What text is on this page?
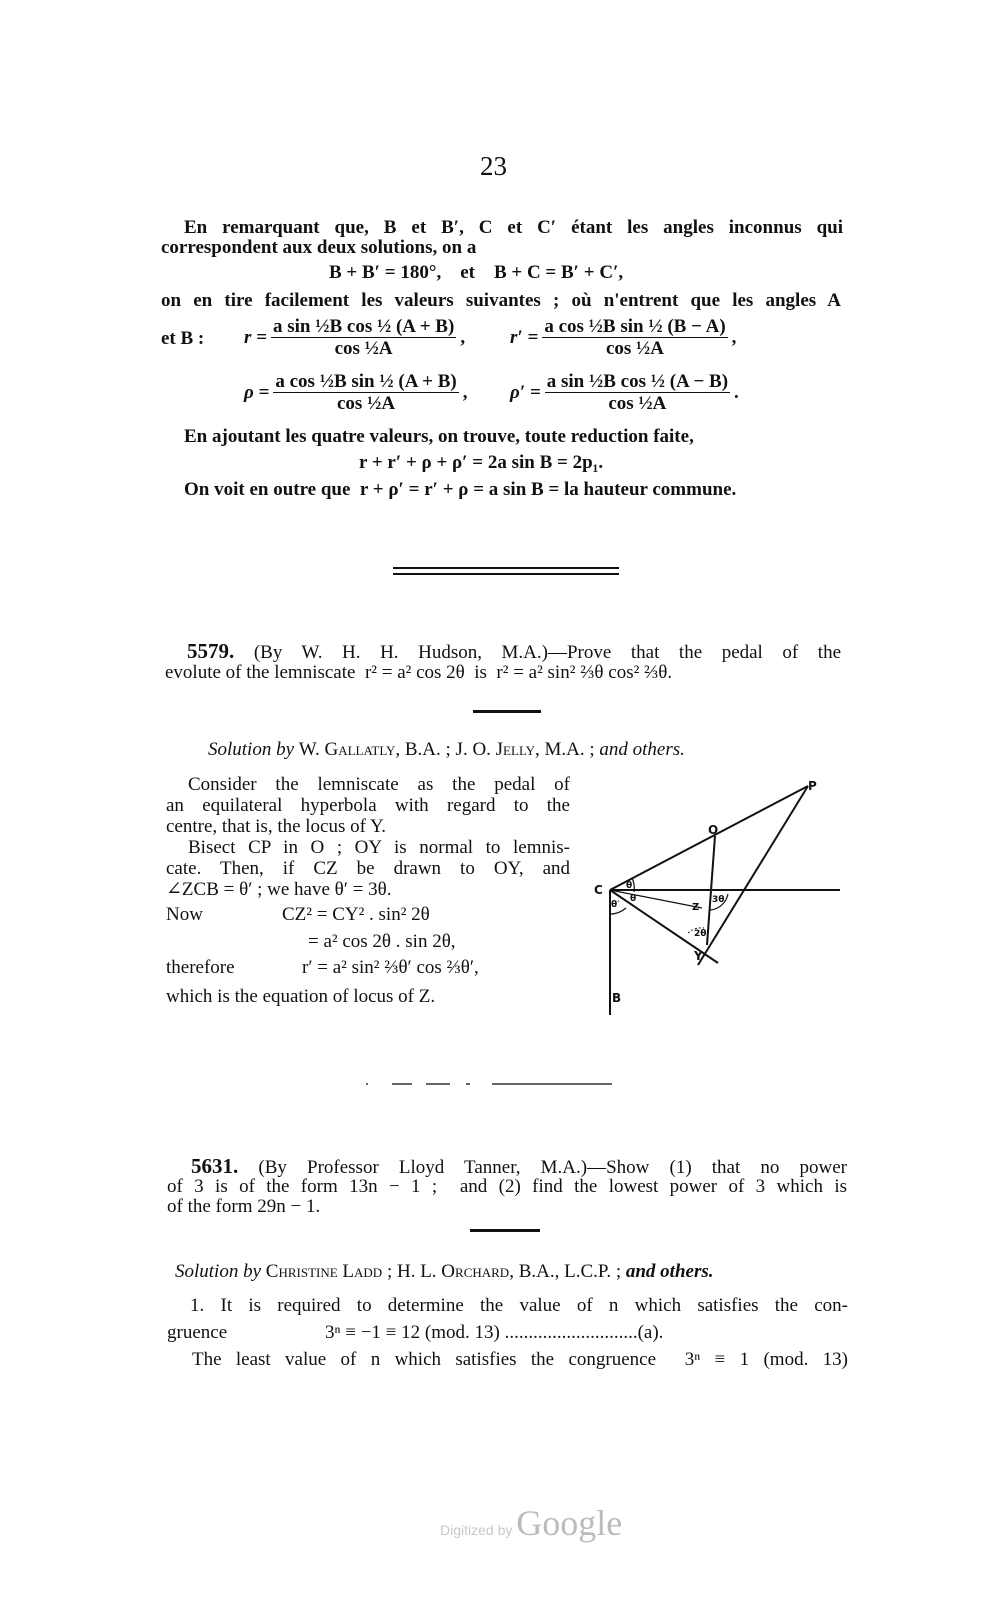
23
En remarquant que, B et B′, C et C′ étant les angles inconnus qui
correspondent aux deux solutions, on a
B + B′ = 180°,    et    B + C = B′ + C′,
on en tire facilement les valeurs suivantes ; où n'entrent que les angles A
et B : $r = \frac{\text{a sin ½B cos ½ (A + B)}}{\text{cos ½A}}$ , $r' = \frac{\text{a cos ½B sin ½ (B − A)}}{\text{cos ½A}}$ ,
$\rho = \frac{\text{a cos ½B sin ½ (A + B)}}{\text{cos ½A}}$ , $\rho' = \frac{\text{a sin ½B cos ½ (A − B)}}{\text{cos ½A}}$ .
En ajoutant les quatre valeurs, on trouve, toute reduction faite,
r + r′ + ρ + ρ′ = 2a sin B = 2p₁.
On voit en outre que  r + ρ′ = r′ + ρ = a sin B = la hauteur commune.
5579. (By W. H. H. Hudson, M.A.)—Prove that the pedal of the
evolute of the lemniscate  r² = a² cos 2θ  is  r² = a² sin² ⅔θ cos² ⅔θ.
Solution by W. Gallatly, B.A. ; J. O. Jelly, M.A. ; and others.
Consider the lemniscate as the pedal of
an equilateral hyperbola with regard to the
centre, that is, the locus of Y.
Bisect CP in O ; OY is normal to lemnis-
cate. Then, if CZ be drawn to OY, and
∠ZCB = θ′ ; we have θ′ = 3θ.
Now	CZ² = CY² . sin² 2θ
= a² cos 2θ . sin 2θ,
therefore	r′ = a² sin² ⅔θ′ cos ⅔θ′,
which is the equation of locus of Z.
P
O
C
Z
Y
B
θ
θ
θ′	3θ
2θ
5631. (By Professor Lloyd Tanner, M.A.)—Show (1) that no power
of 3 is of the form 13n − 1 ;  and (2) find the lowest power of 3 which is
of the form 29n − 1.
Solution by Christine Ladd ; H. L. Orchard, B.A., L.C.P. ; and others.
1. It is required to determine the value of n which satisfies the con-
gruence	3ⁿ ≡ −1 ≡ 12 (mod. 13) ............................(a).
The least value of n which satisfies the congruence  3ⁿ ≡ 1 (mod. 13)
Digitized by Google
